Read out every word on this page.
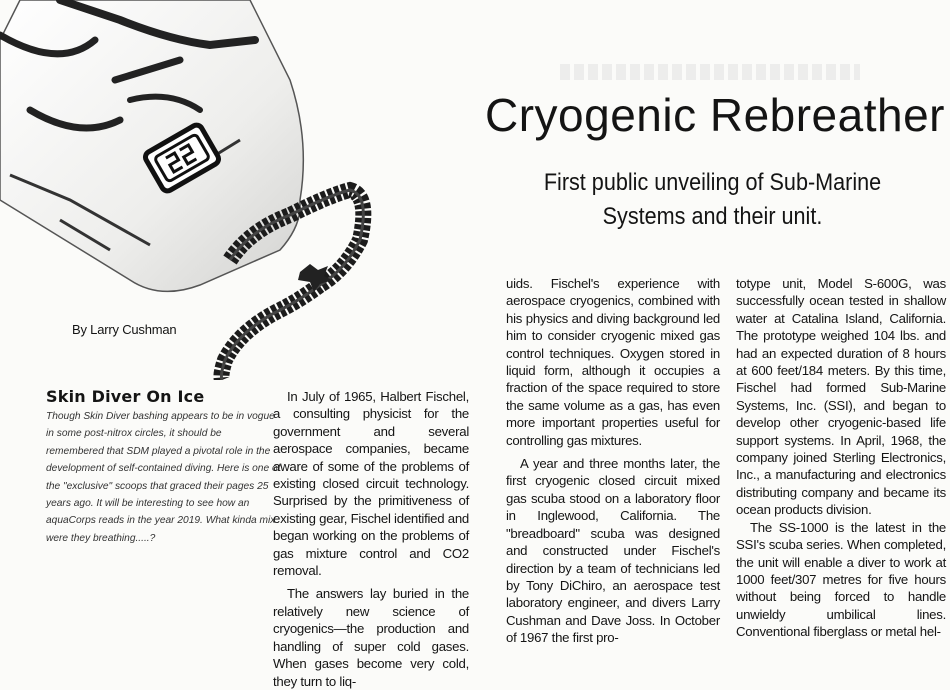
Cryogenic Rebreather
First public unveiling of Sub-Marine Systems and their unit.
By Larry Cushman
Skin Diver On Ice

Though Skin Diver bashing appears to be in vogue in some post-nitrox circles, it should be remembered that SDM played a pivotal role in the development of self-contained diving. Here is one of the "exclusive" scoops that graced their pages 25 years ago. It will be interesting to see how an aquaCorps reads in the year 2019. What kinda mix were they breathing.....?

In July of 1965, Halbert Fischel, a consulting physicist for the government and several aerospace companies, became aware of some of the problems of existing closed circuit technology. Surprised by the primitiveness of existing gear, Fischel identified and began working on the problems of gas mixture control and CO2 removal.

The answers lay buried in the relatively new science of cryogenics—the production and handling of super cold gases. When gases become very cold, they turn to liq-

uids. Fischel's experience with aerospace cryogenics, combined with his physics and diving background led him to consider cryogenic mixed gas control techniques. Oxygen stored in liquid form, although it occupies a fraction of the space required to store the same volume as a gas, has even more important properties useful for controlling gas mixtures.

A year and three months later, the first cryogenic closed circuit mixed gas scuba stood on a laboratory floor in Inglewood, California. The "breadboard" scuba was designed and constructed under Fischel's direction by a team of technicians led by Tony DiChiro, an aerospace test laboratory engineer, and divers Larry Cushman and Dave Joss. In October of 1967 the first pro-

totype unit, Model S-600G, was successfully ocean tested in shallow water at Catalina Island, California. The prototype weighed 104 lbs. and had an expected duration of 8 hours at 600 feet/184 meters. By this time, Fischel had formed Sub-Marine Systems, Inc. (SSI), and began to develop other cryogenic-based life support systems. In April, 1968, the company joined Sterling Electronics, Inc., a manufacturing and electronics distributing company and became its ocean products division.

The SS-1000 is the latest in the SSI's scuba series. When completed, the unit will enable a diver to work at 1000 feet/307 metres for five hours without being forced to handle unwieldy umbilical lines. Conventional fiberglass or metal hel-
